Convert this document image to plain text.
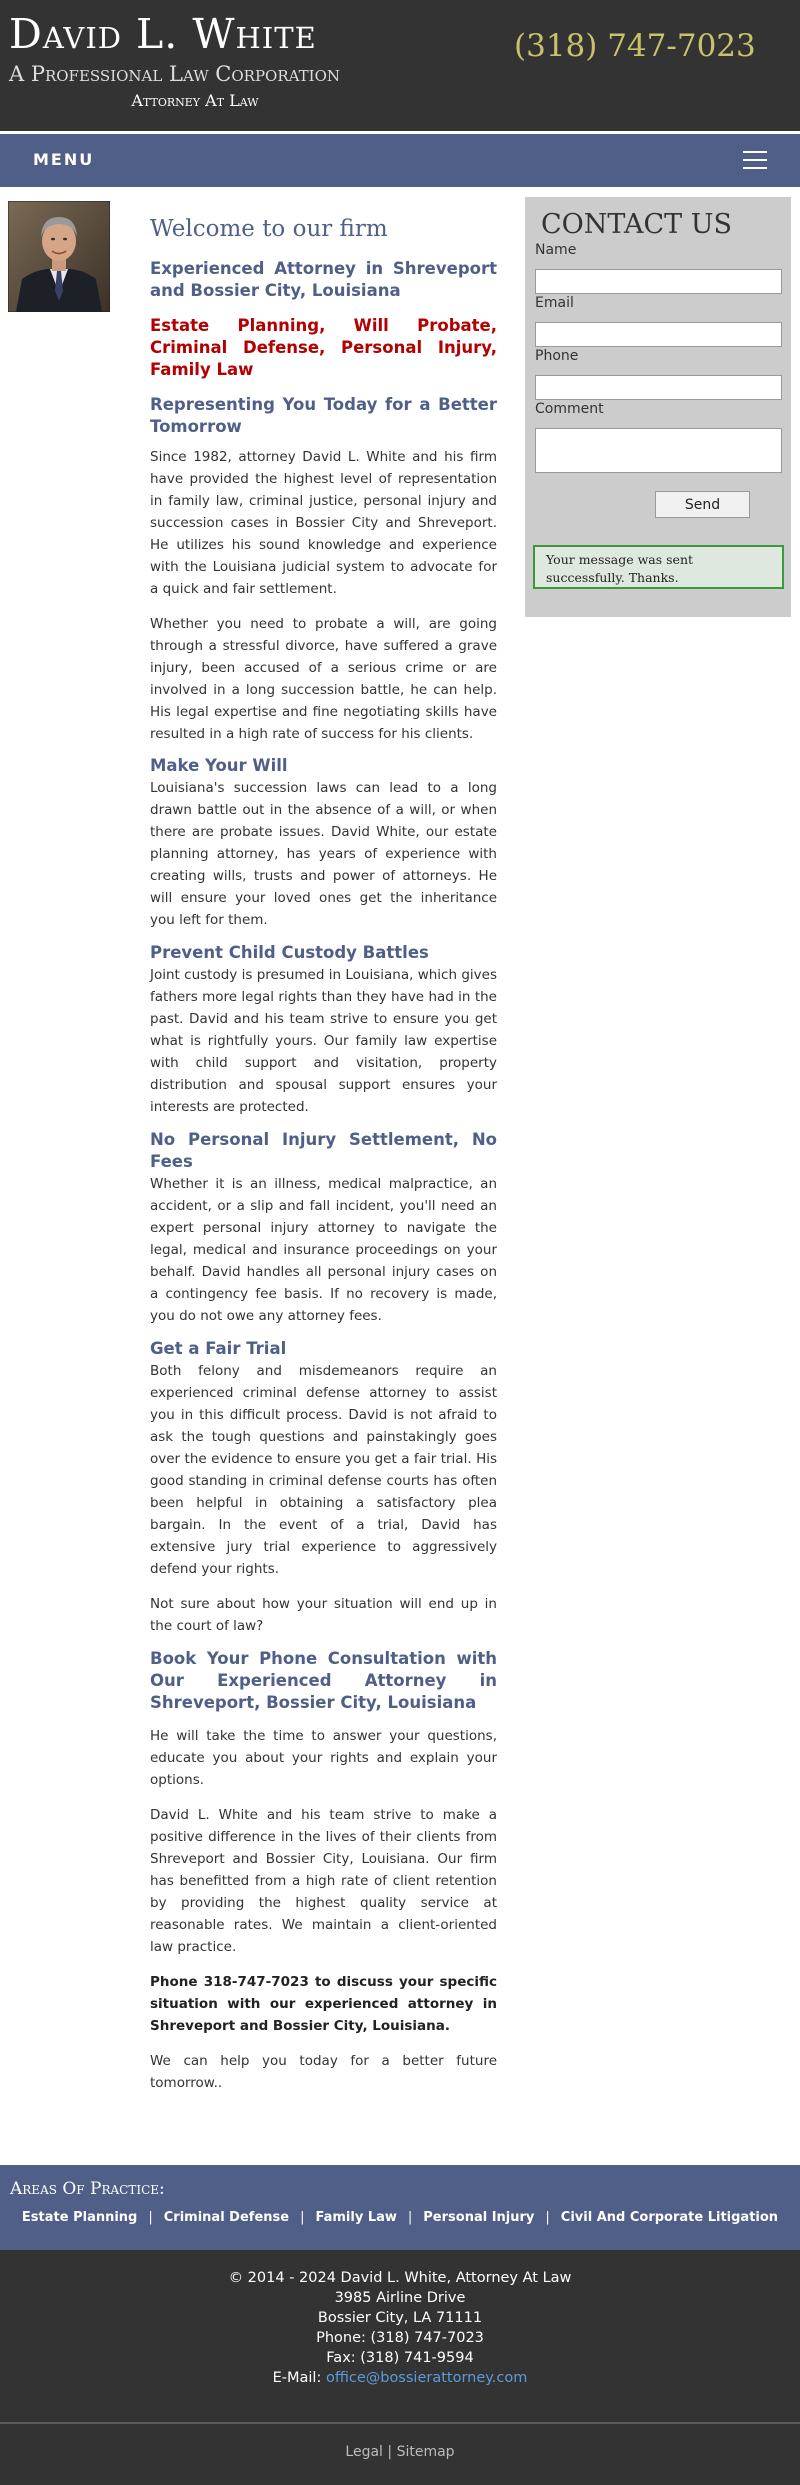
David L. White
A Professional Law Corporation
Attorney At Law
(318) 747-7023
MENU
Welcome to our firm
Experienced Attorney in Shreveport and Bossier City, Louisiana
Estate Planning, Will Probate, Criminal Defense, Personal Injury, Family Law
Representing You Today for a Better Tomorrow

Since 1982, attorney David L. White and his firm have provided the highest level of representation in family law, criminal justice, personal injury and succession cases in Bossier City and Shreveport. He utilizes his sound knowledge and experience with the Louisiana judicial system to advocate for a quick and fair settlement.

Whether you need to probate a will, are going through a stressful divorce, have suffered a grave injury, been accused of a serious crime or are involved in a long succession battle, he can help. His legal expertise and fine negotiating skills have resulted in a high rate of success for his clients.

Make Your Will

Louisiana's succession laws can lead to a long drawn battle out in the absence of a will, or when there are probate issues. David White, our estate planning attorney, has years of experience with creating wills, trusts and power of attorneys. He will ensure your loved ones get the inheritance you left for them.

Prevent Child Custody Battles

Joint custody is presumed in Louisiana, which gives fathers more legal rights than they have had in the past. David and his team strive to ensure you get what is rightfully yours. Our family law expertise with child support and visitation, property distribution and spousal support ensures your interests are protected.

No Personal Injury Settlement, No Fees

Whether it is an illness, medical malpractice, an accident, or a slip and fall incident, you'll need an expert personal injury attorney to navigate the legal, medical and insurance proceedings on your behalf. David handles all personal injury cases on a contingency fee basis. If no recovery is made, you do not owe any attorney fees.

Get a Fair Trial

Both felony and misdemeanors require an experienced criminal defense attorney to assist you in this difficult process. David is not afraid to ask the tough questions and painstakingly goes over the evidence to ensure you get a fair trial. His good standing in criminal defense courts has often been helpful in obtaining a satisfactory plea bargain. In the event of a trial, David has extensive jury trial experience to aggressively defend your rights.

Not sure about how your situation will end up in the court of law?

Book Your Phone Consultation with Our Experienced Attorney in Shreveport, Bossier City, Louisiana

He will take the time to answer your questions, educate you about your rights and explain your options.

David L. White and his team strive to make a positive difference in the lives of their clients from Shreveport and Bossier City, Louisiana. Our firm has benefitted from a high rate of client retention by providing the highest quality service at reasonable rates. We maintain a client-oriented law practice.

Phone 318-747-7023 to discuss your specific situation with our experienced attorney in Shreveport and Bossier City, Louisiana.

We can help you today for a better future tomorrow..

CONTACT US
Name
Email
Phone
Comment
Send
Your message was sent successfully. Thanks.
Areas Of Practice:
Estate Planning | Criminal Defense | Family Law | Personal Injury | Civil And Corporate Litigation
© 2014 - 2024 David L. White, Attorney At Law
3985 Airline Drive
Bossier City, LA 71111
Phone: (318) 747-7023
Fax: (318) 741-9594
E-Mail: office@bossierattorney.com
Legal | Sitemap
